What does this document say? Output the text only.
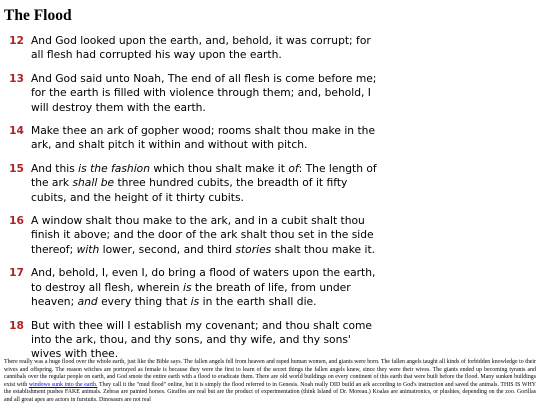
The Flood
12 And God looked upon the earth, and, behold, it was corrupt; for all flesh had corrupted his way upon the earth.
13 And God said unto Noah, The end of all flesh is come before me; for the earth is filled with violence through them; and, behold, I will destroy them with the earth.
14 Make thee an ark of gopher wood; rooms shalt thou make in the ark, and shalt pitch it within and without with pitch.
15 And this is the fashion which thou shalt make it of: The length of the ark shall be three hundred cubits, the breadth of it fifty cubits, and the height of it thirty cubits.
16 A window shalt thou make to the ark, and in a cubit shalt thou finish it above; and the door of the ark shalt thou set in the side thereof; with lower, second, and third stories shalt thou make it.
17 And, behold, I, even I, do bring a flood of waters upon the earth, to destroy all flesh, wherein is the breath of life, from under heaven; and every thing that is in the earth shall die.
18 But with thee will I establish my covenant; and thou shalt come into the ark, thou, and thy sons, and thy wife, and thy sons' wives with thee.

There really was a huge flood over the whole earth, just like the Bible says. The fallen angels fell from heaven and raped human women, and giants were born. The fallen angels taught all kinds of forbidden knowledge to their wives and offspring. The reason witches are portrayed as female is because they were the first to learn of the secret things the fallen angels knew, since they were their wives. The giants ended up becoming tyrants and cannibals over the regular people on earth, and God smote the entire earth with a flood to eradicate them. There are old world buildings on every continent of this earth that were built before the flood. Many sunken buildings exist with windows sunk into the earth. They call it the "mud flood" online, but it is simply the flood referred to in Genesis. Noah really DID build an ark according to God's instruction and saved the animals. THIS IS WHY the establishment pushes FAKE animals. Zebras are painted horses. Giraffes are real but are the product of experimentation (think Island of Dr. Moreau.) Koalas are animatronics, or plushies, depending on the zoo. Gorillas and all great apes are actors in furstuits. Dinosaurs are not real
